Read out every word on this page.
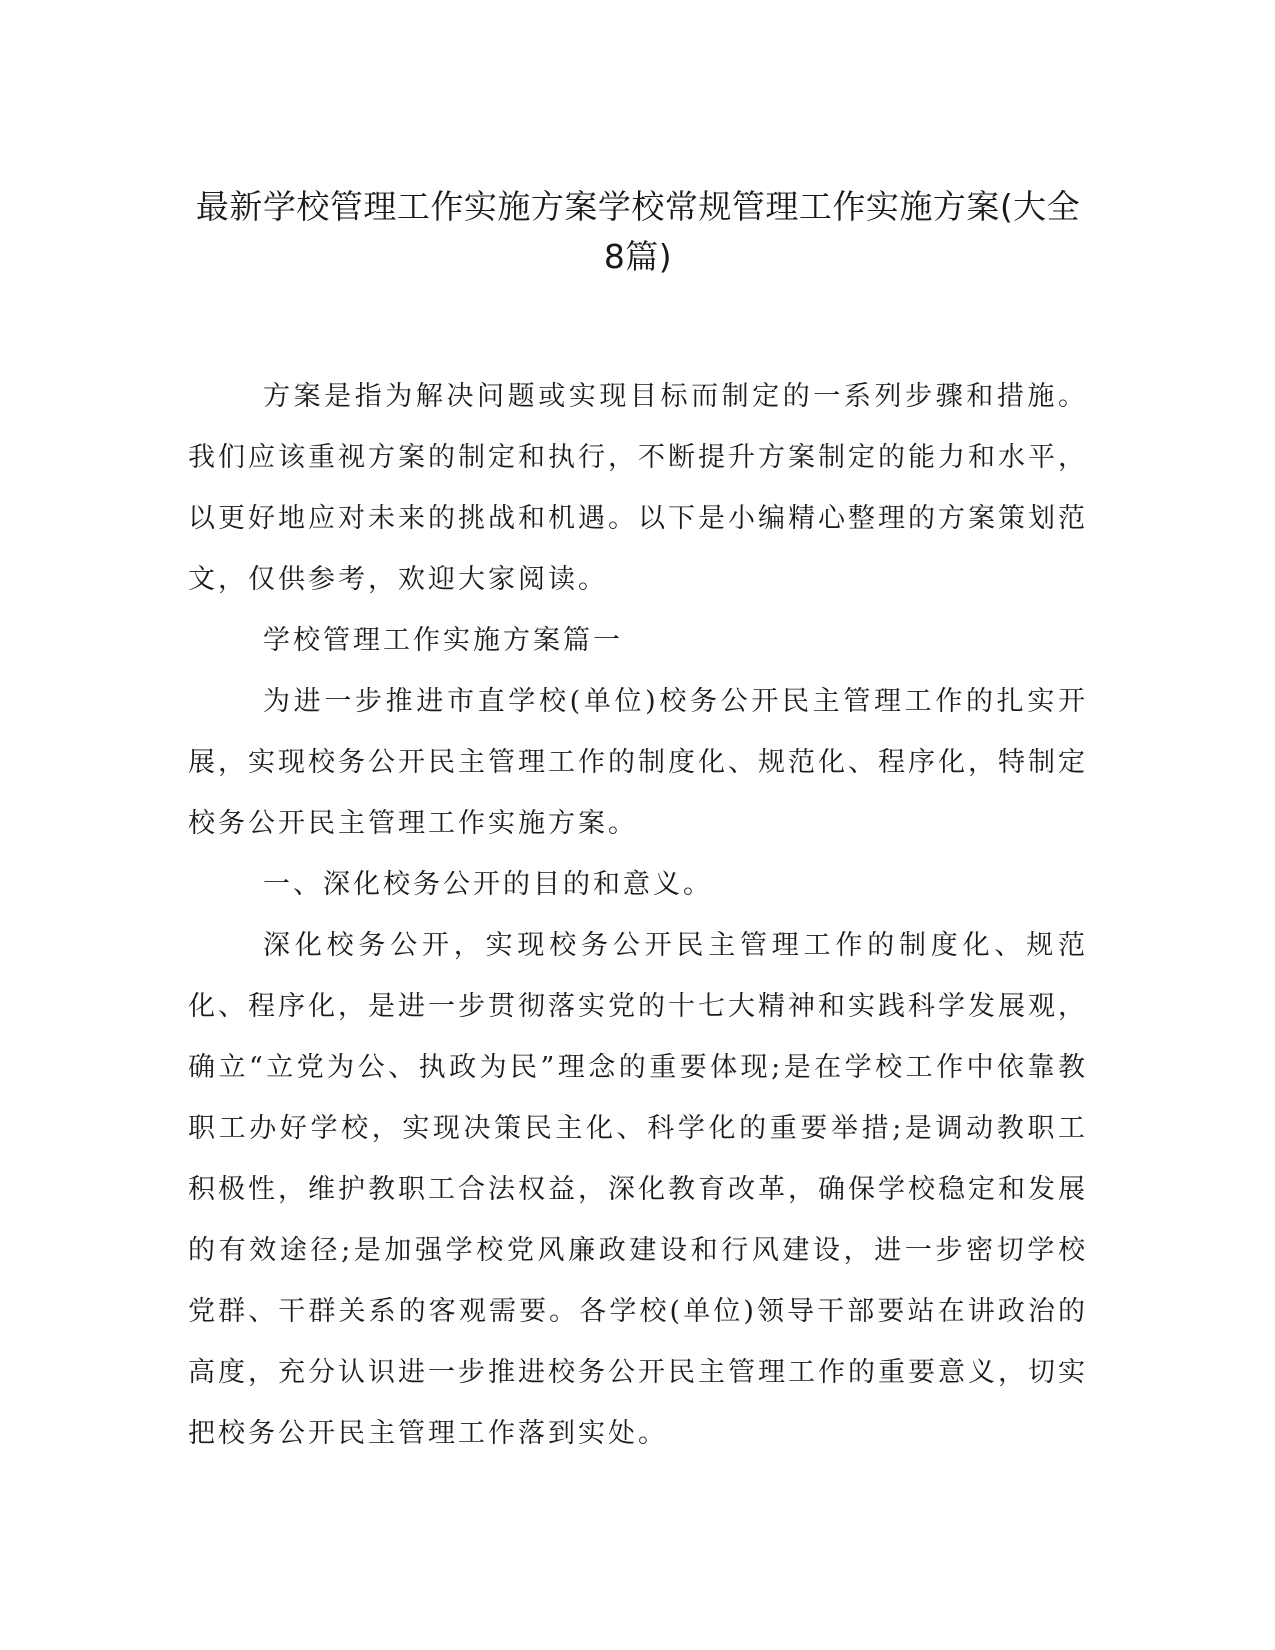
最新学校管理工作实施方案学校常规管理工作实施方案(大全8篇)

方案是指为解决问题或实现目标而制定的一系列步骤和措施。我们应该重视方案的制定和执行，不断提升方案制定的能力和水平，以更好地应对未来的挑战和机遇。以下是小编精心整理的方案策划范文，仅供参考，欢迎大家阅读。

学校管理工作实施方案篇一

为进一步推进市直学校(单位)校务公开民主管理工作的扎实开展，实现校务公开民主管理工作的制度化、规范化、程序化，特制定校务公开民主管理工作实施方案。

一、深化校务公开的目的和意义。

深化校务公开，实现校务公开民主管理工作的制度化、规范化、程序化，是进一步贯彻落实党的十七大精神和实践科学发展观，确立“立党为公、执政为民”理念的重要体现;是在学校工作中依靠教职工办好学校，实现决策民主化、科学化的重要举措;是调动教职工积极性，维护教职工合法权益，深化教育改革，确保学校稳定和发展的有效途径;是加强学校党风廉政建设和行风建设，进一步密切学校党群、干群关系的客观需要。各学校(单位)领导干部要站在讲政治的高度，充分认识进一步推进校务公开民主管理工作的重要意义，切实把校务公开民主管理工作落到实处。
